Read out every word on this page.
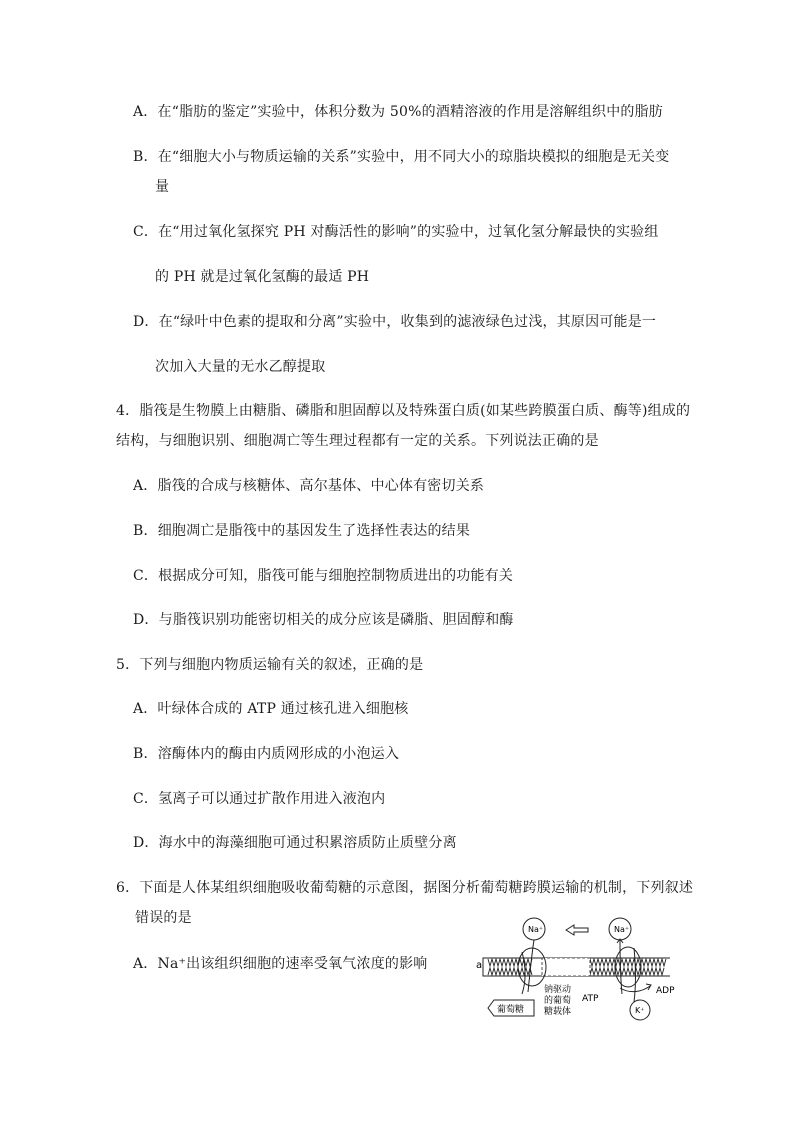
A．在“脂肪的鉴定”实验中，体积分数为 50%的酒精溶液的作用是溶解组织中的脂肪
B．在“细胞大小与物质运输的关系”实验中，用不同大小的琼脂块模拟的细胞是无关变
量
C．在“用过氧化氢探究 PH 对酶活性的影响”的实验中，过氧化氢分解最快的实验组
的 PH 就是过氧化氢酶的最适 PH
D．在“绿叶中色素的提取和分离”实验中，收集到的滤液绿色过浅，其原因可能是一
次加入大量的无水乙醇提取
4．脂筏是生物膜上由糖脂、磷脂和胆固醇以及特殊蛋白质(如某些跨膜蛋白质、酶等)组成的
结构，与细胞识别、细胞凋亡等生理过程都有一定的关系。下列说法正确的是
A．脂筏的合成与核糖体、高尔基体、中心体有密切关系
B．细胞凋亡是脂筏中的基因发生了选择性表达的结果
C．根据成分可知，脂筏可能与细胞控制物质进出的功能有关
D．与脂筏识别功能密切相关的成分应该是磷脂、胆固醇和酶
5．下列与细胞内物质运输有关的叙述，正确的是
A．叶绿体合成的 ATP 通过核孔进入细胞核
B．溶酶体内的酶由内质网形成的小泡运入
C．氢离子可以通过扩散作用进入液泡内
D．海水中的海藻细胞可通过积累溶质防止质壁分离
6．下面是人体某组织细胞吸收葡萄糖的示意图，据图分析葡萄糖跨膜运输的机制，下列叙述
错误的是
A．Na⁺出该组织细胞的速率受氧气浓度的影响	a
Na⁺	Na⁺
钠驱动
的葡萄
糖载体
ATP
ADP
葡萄糖	K⁺
